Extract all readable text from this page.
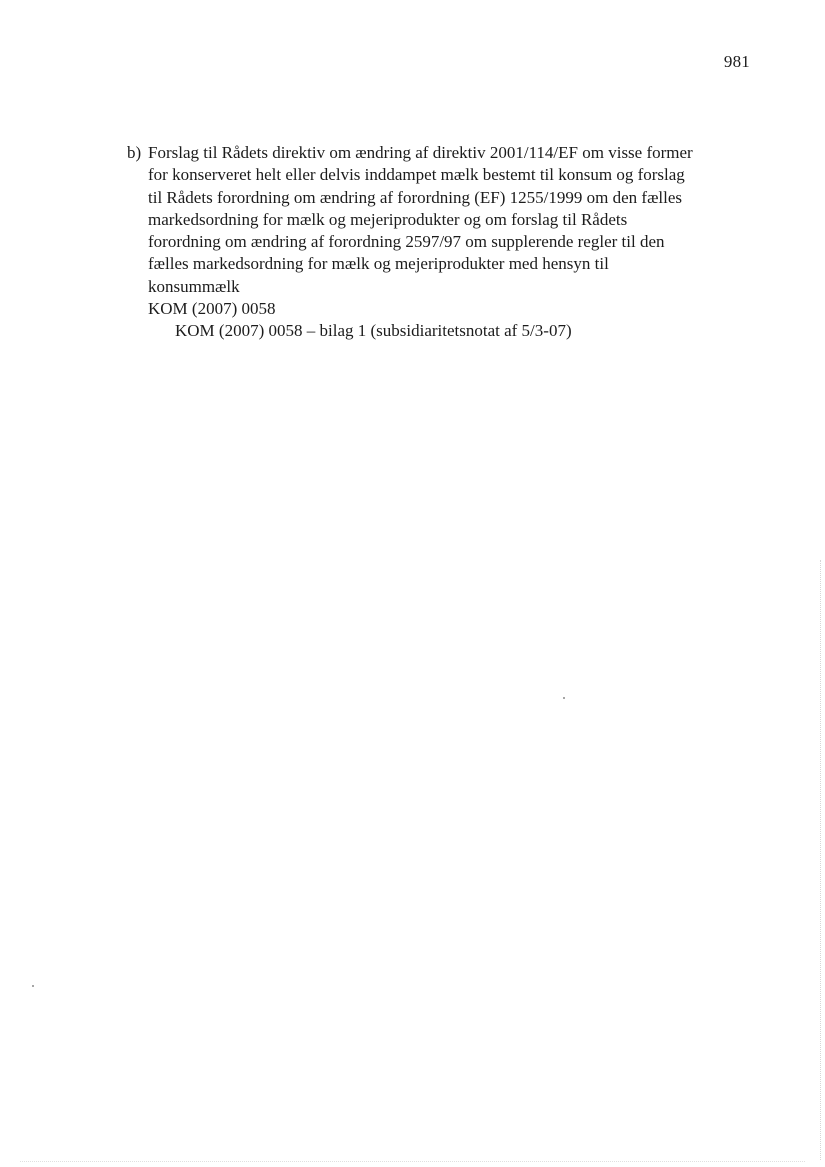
981

b) Forslag til Rådets direktiv om ændring af direktiv 2001/114/EF om visse former
for konserveret helt eller delvis inddampet mælk bestemt til konsum og forslag
til Rådets forordning om ændring af forordning (EF) 1255/1999 om den fælles
markedsordning for mælk og mejeriprodukter og om forslag til Rådets
forordning om ændring af forordning 2597/97 om supplerende regler til den
fælles markedsordning for mælk og mejeriprodukter med hensyn til
konsummælk

KOM (2007) 0058

KOM (2007) 0058 – bilag 1 (subsidiaritetsnotat af 5/3-07)
